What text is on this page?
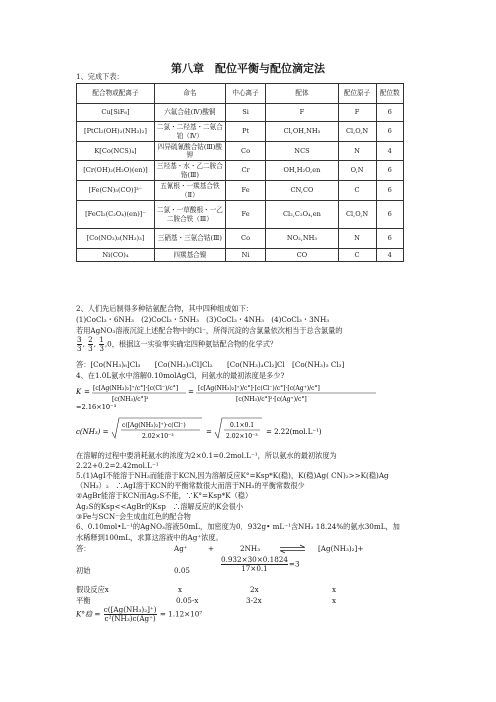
第八章　配位平衡与配位滴定法
1、完成下表：
配合物或配离子	命名	中心离子	配体	配位原子	配位数
Cu[SiF₆]	六氟合硅(Ⅳ)酸铜	Si	F	F	6
[PtCl₂(OH)₂(NH₃)₂]	二氯・二羟基・二氨合铂（Ⅳ）	Pt	Cl,OH,NH₃	Cl,O,N	6
K[Co(NCS)₄]	四异硫氰酸合钴(Ⅲ)酸钾	Co	NCS	N	4
[Cr(OH)₂(H₂O)(en)]	三羟基・水・乙二胺合铬(Ⅲ)	Cr	OH,H₂O,en	O,N	6
[Fe(CN)₅(CO)]³⁻	五氰根・一羰基合铁（Ⅱ）	Fe	CN,CO	C	6
[FeCl₂(C₂O₄)(en)]⁻	二氯・一草酸根・一乙二胺合铁（Ⅲ）	Fe	Cl₂,C₂O₄,en	Cl,O,N	6
[Co(NO₂)₃(NH₃)₃]	三硝基・三氨合钴(Ⅲ)	Co	NO₂,NH₃	N	6
Ni(CO)₄	四羰基合镍	Ni	CO	C	4
2、人们先后制得多种钴氨配合物，其中四种组成如下：
(1)CoCl₃・6NH₃　(2)CoCl₃・5NH₃　(3)CoCl₃・4NH₃　(4)CoCl₃・3NH₃
若用AgNO₃溶液沉淀上述配合物中的Cl⁻，所得沉淀的含氯量依次相当于总含氯量的
$\frac{3}{3}$ , $\frac{2}{3}$ , $\frac{1}{3} ,0$，根据这一实验事实确定四种氨钴配合物的化学式？
答：[Co(NH₃)₆]Cl₃　　[Co(NH₃)₅Cl]Cl₂　　[Co(NH₃)₄Cl₂]Cl　[Co(NH₃)₃ Cl₃]
4、在1.0L氨水中溶解0.10molAgCl，问氨水的最初浓度是多少?
K = [c[Ag(NH₃)₂]⁺/c°]·[c(Cl⁻)/c°]
[c(NH₃)/c°]²
= [c[Ag(NH₃)₂]⁺)/c°]·[c(Cl⁻)/c°]·[c(Ag⁺)/c°]
[c(NH₃)/c°]²·[c(Ag⁺)/c°]
=2.16×10⁻³
c(NH₃) =
c([Ag(NH₃)₂]⁺)·c(Cl⁻)
2.02×10⁻³
=
0.1×0.1
2.02×10⁻³
= 2.22(mol.L⁻¹)
在溶解的过程中要消耗氨水的浓度为2×0.1=0.2mol.L⁻¹，所以氨水的最初浓度为
2.22+0.2=2.42mol.L⁻¹
5.(1)AgI不能溶于NH₃而能溶于KCN,因为溶解反应K°=Ksp*K(稳)，K(稳)Ag( CN)₂>>K(稳)Ag
（NH₃）₂　∴AgI溶于KCN的平衡常数很大而溶于NH₃的平衡常数很少
②AgBr能溶于KCN而Ag₂S不能，∵K°=Ksp*K（稳）
Ag₂S的Ksp<<AgBr的Ksp　∴溶解反应的K会很小
③Fe与SCN⁻会生成血红色的配合物
6、0.10mol•L⁻¹的AgNO₃溶液50mL，加密度为0．932g• mL⁻¹含NH₃ 18.24%的氨水30mL，加
水稀释到100mL，求算这溶液中的Ag⁺浓度。
答：	Ag⁺	+	2NH₃ ⇌ [Ag(NH₃)₂]+
初始	0.05	$\frac{0.932\times 30\times 0.1824}{17\times 0.1} =3$
假设反应x	x	2x	x
平衡	0.05-x	3-2x	x
K°稳 = $\frac{\text{c([Ag(NH₃)₂]⁺)}}{\text{c²(NH₃)c(Ag⁺)}} = 1.12\times 10^7$
